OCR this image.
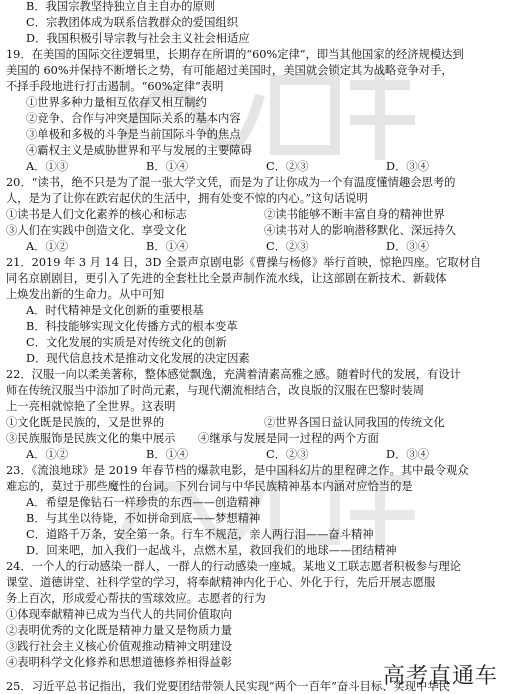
B．我国宗教坚持独立自主自办的原则
C．宗教团体成为联系信教群众的爱国组织
D．我国积极引导宗教与社会主义社会相适应
19．在美国的国际交往逻辑里，长期存在所谓的“60%定律”，即当其他国家的经济规模达到
美国的 60%并保持不断增长之势，有可能超过美国时，美国就会锁定其为战略竞争对手，
不择手段地进行打击遏制。“60%定律”表明
①世界多种力量相互依存又相互制约
②竞争、合作与冲突是国际关系的基本内容
③单极和多极的斗争是当前国际斗争的焦点
④霸权主义是威胁世界和平与发展的主要障碍
A．①③	B．①④	C．②③	D．③④
20．“读书，绝不只是为了混一张大学文凭，而是为了让你成为一个有温度懂情趣会思考的
人，是为了让你在跌宕起伏的生活中，拥有处变不惊的内心。”这句话说明
①读书是人们文化素养的核心和标志	②读书能够不断丰富自身的精神世界
③人们在实践中创造文化、享受文化	④读书对人的影响潜移默化、深远持久
A．①②	B．①④	C．②③	D．③④
21．2019 年 3 月 14 日，3D 全景声京剧电影《曹操与杨修》举行首映，惊艳四座。它取材自
同名京剧剧目，更引入了先进的全套杜比全景声制作流水线，让这部剧在新技术、新载体
上焕发出新的生命力。从中可知
A．时代精神是文化创新的重要根基
B．科技能够实现文化传播方式的根本变革
C．文化发展的实质是对传统文化的创新
D．现代信息技术是推动文化发展的决定因素
22．汉服一向以柔美著称，整体感觉飘逸，充满着清素高雅之感。随着时代的发展，有设计
师在传统汉服当中添加了时尚元素，与现代潮流相结合，改良版的汉服在巴黎时装周
上一亮相就惊艳了全世界。这表明
①文化既是民族的，又是世界的	②世界各国日益认同我国的传统文化
③民族服饰是民族文化的集中展示　　④继承与发展是同一过程的两个方面
A．①②	B．①④	C．②③	D．③④
23．《流浪地球》是 2019 年春节档的爆款电影，是中国科幻片的里程碑之作。其中最令观众
难忘的，莫过于那些魔性的台词。下列台词与中华民族精神基本内涵对应恰当的是
A．希望是像钻石一样珍贵的东西——创造精神
B．与其坐以待毙，不如拼命到底——梦想精神
C．道路千万条，安全第一条。行车不规范，亲人两行泪——奋斗精神
D．回来吧，加入我们一起战斗，点燃木星，救回我们的地球——团结精神
24．一个人的行动感染一群人，一群人的行动感染一座城。某地义工联志愿者积极参与理论
课堂、道德讲堂、社科学堂的学习，将奉献精神内化于心、外化于行，先后开展志愿服
务上百次，形成爱心帮扶的雪球效应。志愿者的行为
①体现奉献精神已成为当代人的共同价值取向
②表明优秀的文化既是精神力量又是物质力量
③践行社会主义核心价值观推动精神文明建设
④表明科学文化修养和思想道德修养相得益彰
25．习近平总书记指出，我们党要团结带领人民实现“两个一百年”奋斗目标、实现中华民
高考直通车
